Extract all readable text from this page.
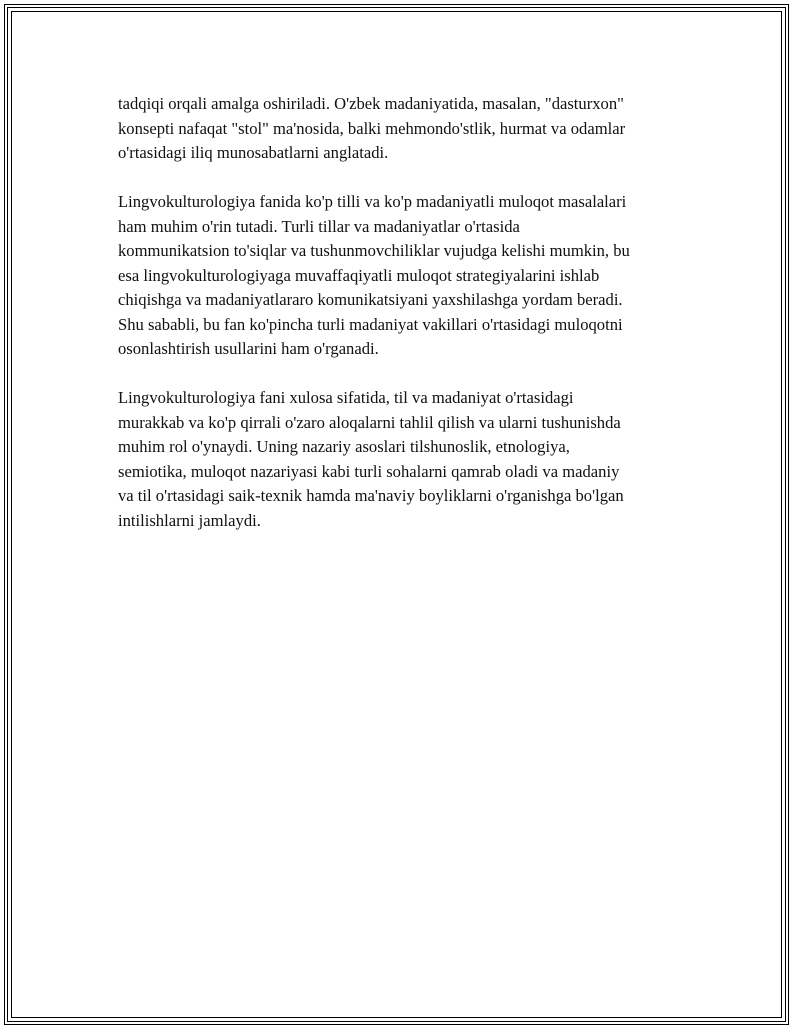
tadqiqi orqali amalga oshiriladi. O'zbek madaniyatida, masalan, "dasturxon"
konsepti nafaqat "stol" ma'nosida, balki mehmondo'stlik, hurmat va odamlar
o'rtasidagi iliq munosabatlarni anglatadi.

Lingvokulturologiya fanida ko'p tilli va ko'p madaniyatli muloqot masalalari
ham muhim o'rin tutadi. Turli tillar va madaniyatlar o'rtasida
kommunikatsion to'siqlar va tushunmovchiliklar vujudga kelishi mumkin, bu
esa lingvokulturologiyaga muvaffaqiyatli muloqot strategiyalarini ishlab
chiqishga va madaniyatlararo komunikatsiyani yaxshilashga yordam beradi.
Shu sababli, bu fan ko'pincha turli madaniyat vakillari o'rtasidagi muloqotni
osonlashtirish usullarini ham o'rganadi.

Lingvokulturologiya fani xulosa sifatida, til va madaniyat o'rtasidagi
murakkab va ko'p qirrali o'zaro aloqalarni tahlil qilish va ularni tushunishda
muhim rol o'ynaydi. Uning nazariy asoslari tilshunoslik, etnologiya,
semiotika, muloqot nazariyasi kabi turli sohalarni qamrab oladi va madaniy
va til o'rtasidagi saik-texnik hamda ma'naviy boyliklarni o'rganishga bo'lgan
intilishlarni jamlaydi.
